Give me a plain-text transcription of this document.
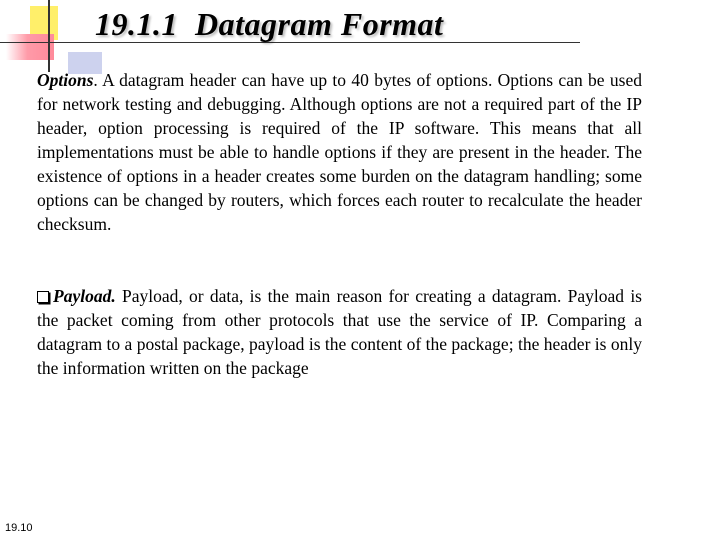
19.1.1  Datagram Format
Options. A datagram header can have up to 40 bytes of options. Options can be used for network testing and debugging. Although options are not a required part of the IP header, option processing is required of the IP software. This means that all implementations must be able to handle options if they are present in the header. The existence of options in a header creates some burden on the datagram handling; some options can be changed by routers, which forces each router to recalculate the header checksum.
Payload. Payload, or data, is the main reason for creating a datagram. Payload is the packet coming from other protocols that use the service of IP. Comparing a datagram to a postal package, payload is the content of the package; the header is only the information written on the package
19.10
